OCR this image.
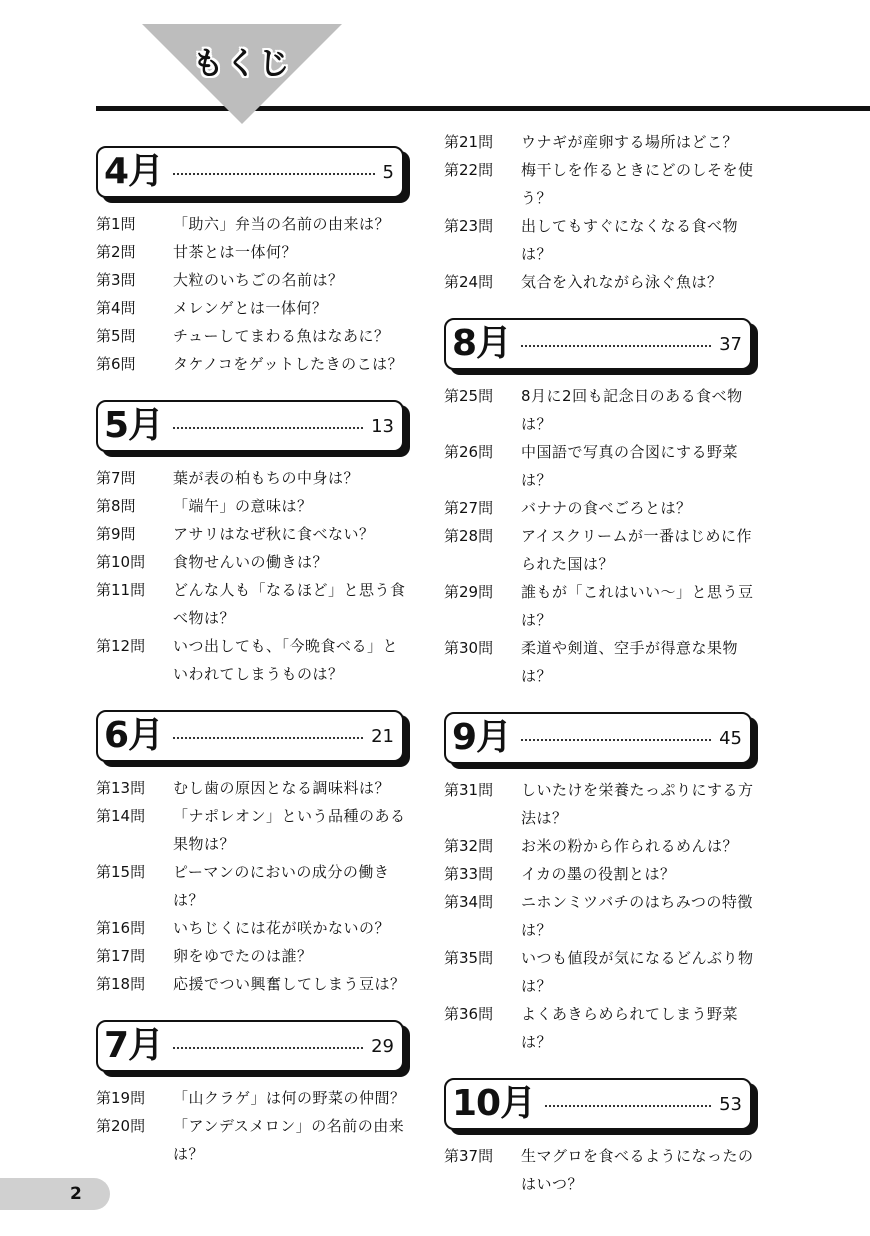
もくじ
4月	5
第1問	「助六」弁当の名前の由来は？
第2問	甘茶とは一体何？
第3問	大粒のいちごの名前は？
第4問	メレンゲとは一体何？
第5問	チューしてまわる魚はなあに？
第6問	タケノコをゲットしたきのこは？
5月	13
第7問	葉が表の柏もちの中身は？
第8問	「端午」の意味は？
第9問	アサリはなぜ秋に食べない？
第10問	食物せんいの働きは？
第11問	どんな人も「なるほど」と思う食べ物は？
第12問	いつ出しても、「今晩食べる」といわれてしまうものは？
6月	21
第13問	むし歯の原因となる調味料は？
第14問	「ナポレオン」という品種のある果物は？
第15問	ピーマンのにおいの成分の働きは？
第16問	いちじくには花が咲かないの？
第17問	卵をゆでたのは誰？
第18問	応援でつい興奮してしまう豆は？
7月	29
第19問	「山クラゲ」は何の野菜の仲間？
第20問	「アンデスメロン」の名前の由来は？
第21問	ウナギが産卵する場所はどこ？
第22問	梅干しを作るときにどのしそを使う？
第23問	出してもすぐになくなる食べ物は？
第24問	気合を入れながら泳ぐ魚は？
8月	37
第25問	8月に2回も記念日のある食べ物は？
第26問	中国語で写真の合図にする野菜は？
第27問	バナナの食べごろとは？
第28問	アイスクリームが一番はじめに作られた国は？
第29問	誰もが「これはいい～」と思う豆は？
第30問	柔道や剣道、空手が得意な果物は？
9月	45
第31問	しいたけを栄養たっぷりにする方法は？
第32問	お米の粉から作られるめんは？
第33問	イカの墨の役割とは？
第34問	ニホンミツバチのはちみつの特徴は？
第35問	いつも値段が気になるどんぶり物は？
第36問	よくあきらめられてしまう野菜は？
10月	53
第37問	生マグロを食べるようになったのはいつ？
2
